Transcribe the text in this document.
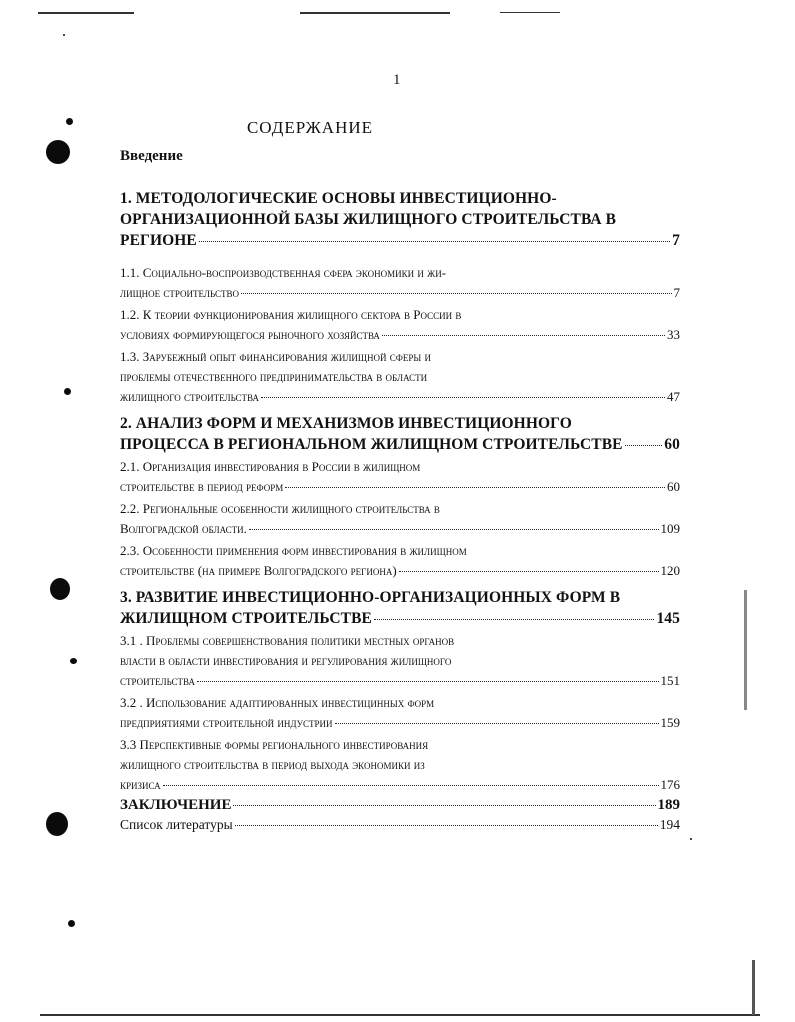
1
СОДЕРЖАНИЕ
Введение
1. МЕТОДОЛОГИЧЕСКИЕ ОСНОВЫ ИНВЕСТИЦИОННО-
ОРГАНИЗАЦИОННОЙ БАЗЫ ЖИЛИЩНОГО СТРОИТЕЛЬСТВА В
РЕГИОНЕ	7
1.1. Социально-воспроизводственная сфера экономики и жи-
лищное строительство	7
1.2. К теории функционирования жилищного сектора в России в
условиях формирующегося рыночного хозяйства	33
1.3. Зарубежный опыт финансирования жилищной сферы и
проблемы отечественного предпринимательства в области
жилищного строительства	47
2. АНАЛИЗ ФОРМ И МЕХАНИЗМОВ ИНВЕСТИЦИОННОГО
ПРОЦЕССА В РЕГИОНАЛЬНОМ ЖИЛИЩНОМ СТРОИТЕЛЬСТВЕ	60
2.1. Организация инвестирования в России в жилищном
строительстве в период реформ	60
2.2. Региональные особенности жилищного строительства в
Волгоградской области.	109
2.3. Особенности применения форм инвестирования в жилищном
строительстве (на примере Волгоградского региона)	120
3. РАЗВИТИЕ ИНВЕСТИЦИОННО-ОРГАНИЗАЦИОННЫХ ФОРМ В
ЖИЛИЩНОМ СТРОИТЕЛЬСТВЕ	145
3.1 . Проблемы совершенствования политики местных органов
власти в области инвестирования и регулирования жилищного
строительства	151
3.2 . Использование адаптированных инвестицинных форм
предприятиями строительной индустрии	159
3.3 Перспективные формы регионального инвестирования
жилищного строительства в период выхода экономики из
кризиса	176
ЗАКЛЮЧЕНИЕ	189
Список литературы	194
